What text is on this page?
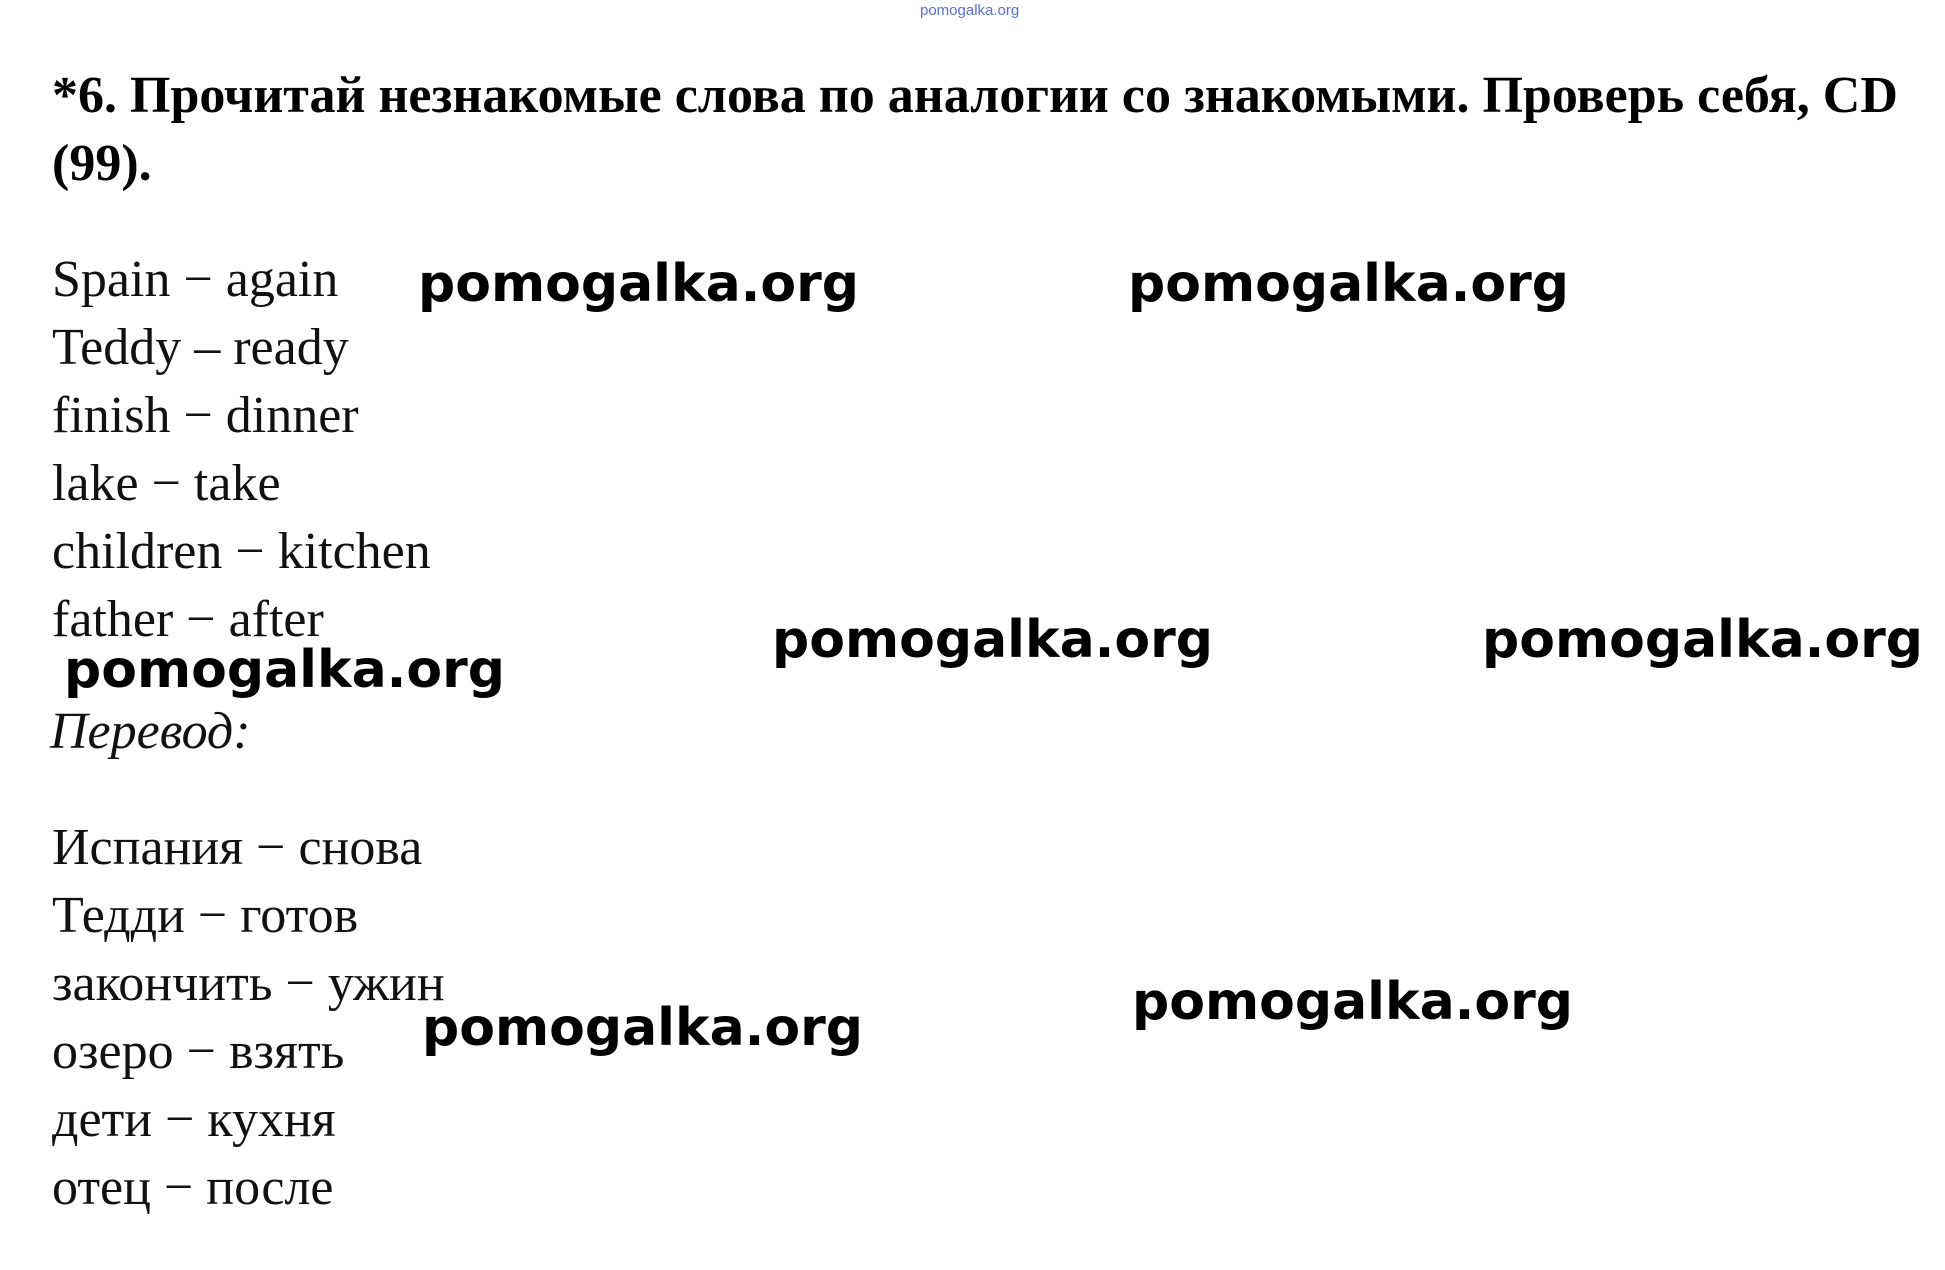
pomogalka.org

*6. Прочитай незнакомые слова по аналогии со знакомыми. Проверь себя, CD (99).

Spain − again
Teddy – ready
finish − dinner
lake − take
children − kitchen
father − after

Перевод:

Испания − снова
Тедди − готов
закончить − ужин
озеро − взять
дети − кухня
отец − после
pomogalka.org	pomogalka.org
pomogalka.org	pomogalka.org
pomogalka.org
pomogalka.org	pomogalka.org
